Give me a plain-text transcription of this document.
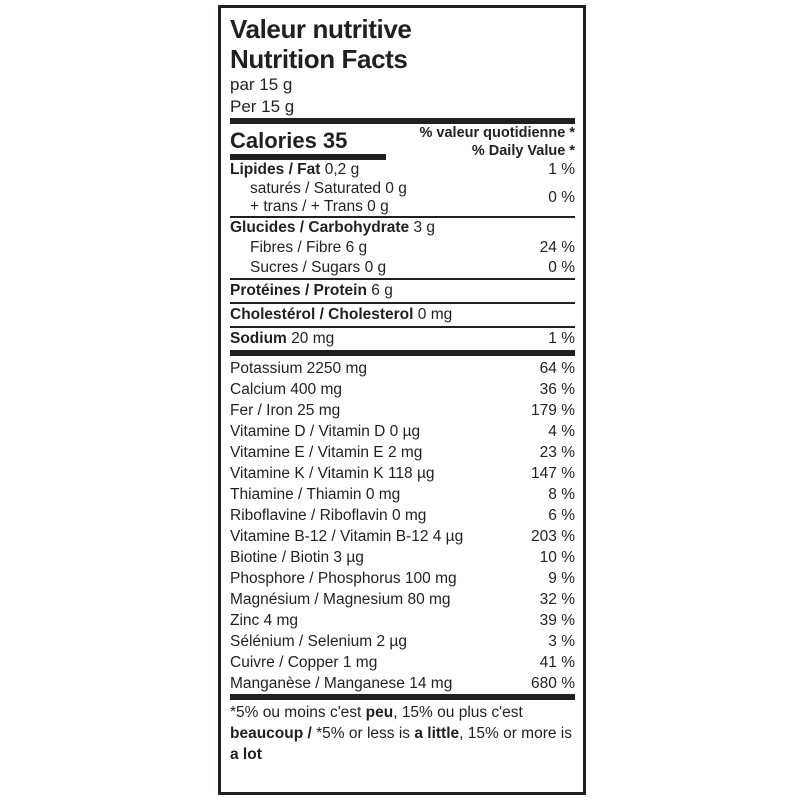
Valeur nutritive
Nutrition Facts
par 15 g
Per 15 g
Calories 35	% valeur quotidienne *
% Daily Value *
Lipides / Fat 0,2 g	1 %
saturés / Saturated 0 g
+ trans / + Trans 0 g
0 %
Glucides / Carbohydrate 3 g
Fibres / Fibre 6 g	24 %
Sucres / Sugars 0 g	0 %
Protéines / Protein 6 g
Cholestérol / Cholesterol 0 mg
Sodium 20 mg	1 %
Potassium 2250 mg	64 %
Calcium 400 mg	36 %
Fer / Iron 25 mg	179 %
Vitamine D / Vitamin D 0 µg	4 %
Vitamine E / Vitamin E 2 mg	23 %
Vitamine K / Vitamin K 118 µg	147 %
Thiamine / Thiamin 0 mg	8 %
Riboflavine / Riboflavin 0 mg	6 %
Vitamine B-12 / Vitamin B-12 4 µg	203 %
Biotine / Biotin 3 µg	10 %
Phosphore / Phosphorus 100 mg	9 %
Magnésium / Magnesium 80 mg	32 %
Zinc 4 mg	39 %
Sélénium / Selenium 2 µg	3 %
Cuivre / Copper 1 mg	41 %
Manganèse / Manganese 14 mg	680 %
*5% ou moins c'est peu, 15% ou plus c'est beaucoup / *5% or less is a little, 15% or more is a lot
